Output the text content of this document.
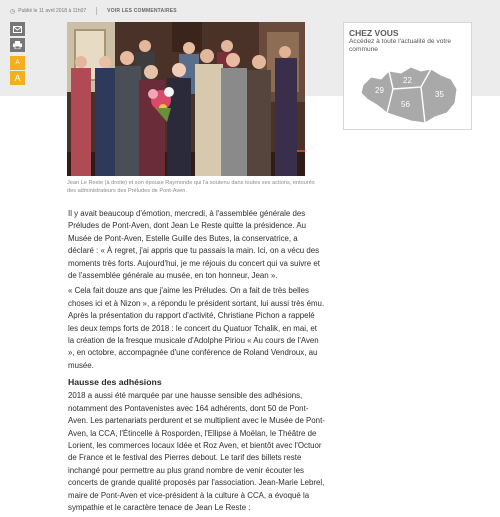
◷ Publié le 11 avril 2018 à 11h07	VOIR LES COMMENTAIRES
A
A
Jean Le Reste (à droite) et son épouse Raymonde qui l'a soutenu dans toutes ses actions, entourés des administrateurs des Préludes de Pont-Aven.
CHEZ VOUS
Accédez à toute l'actualité de votre commune
29
22
56
35

Il y avait beaucoup d'émotion, mercredi, à l'assemblée générale des Préludes de Pont-Aven, dont Jean Le Reste quitte la présidence. Au Musée de Pont-Aven, Estelle Guille des Butes, la conservatrice, a déclaré : « À regret, j'ai appris que tu passais la main. Ici, on a vécu des moments très forts. Aujourd'hui, je me réjouis du concert qui va suivre et de l'assemblée générale au musée, en ton honneur, Jean ».

« Cela fait douze ans que j'aime les Préludes. On a fait de très belles choses ici et à Nizon », a répondu le président sortant, lui aussi très ému. Après la présentation du rapport d'activité, Christiane Pichon a rappelé les deux temps forts de 2018 : le concert du Quatuor Tchalik, en mai, et la création de la fresque musicale d'Adolphe Piriou « Au cours de l'Aven », en octobre, accompagnée d'une conférence de Roland Vendroux, au musée.

Hausse des adhésions

2018 a aussi été marquée par une hausse sensible des adhésions, notamment des Pontavenistes avec 164 adhérents, dont 50 de Pont-Aven. Les partenariats perdurent et se multiplient avec le Musée de Pont-Aven, la CCA, l'Étincelle à Rosporden, l'Ellipse à Moëlan, le Théâtre de Lorient, les commerces locaux Idée et Roz Aven, et bientôt avec l'Octuor de France et le festival des Pierres debout. Le tarif des billets reste inchangé pour permettre au plus grand nombre de venir écouter les concerts de grande qualité proposés par l'association. Jean-Marie Lebrel, maire de Pont-Aven et vice-président à la culture à CCA, a évoqué la sympathie et le caractère tenace de Jean Le Reste :
